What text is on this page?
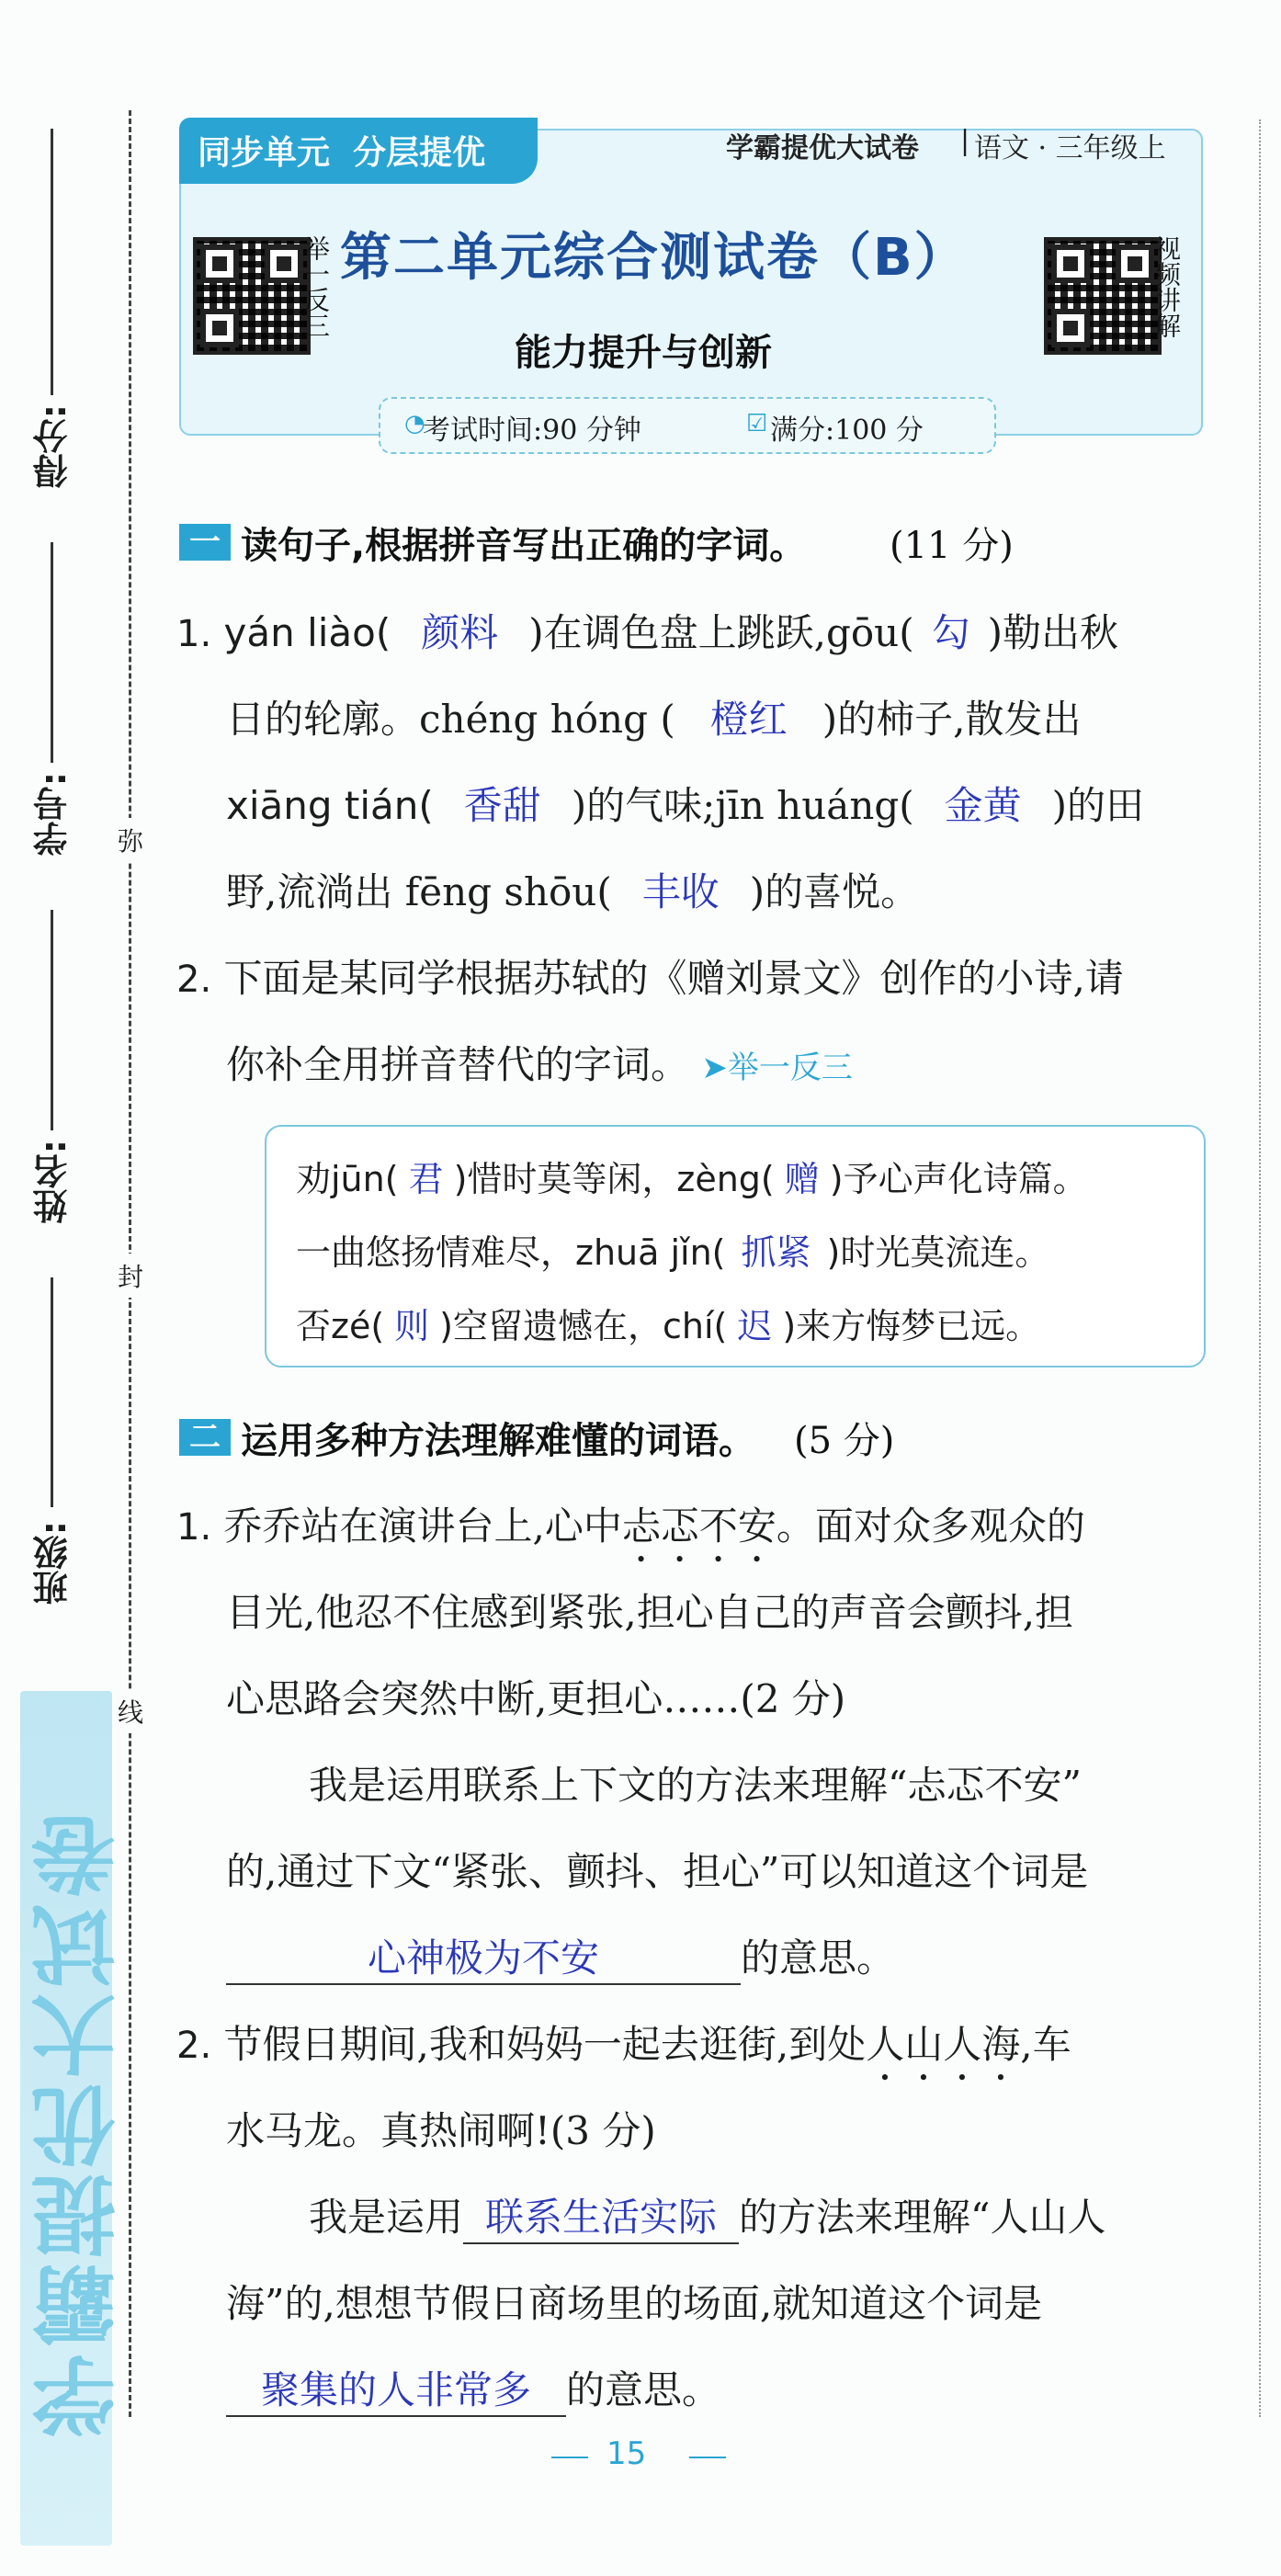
学霸提优大试卷
得分:
学号:
姓名:
班级:
弥
封
线
同步单元  分层提优	学霸提优大试卷 | 语文 · 三年级上
举一反三 第二单元综合测试卷（B）
能力提升与创新
视频讲解
◔
考试时间:90 分钟	☑ 满分:100 分
一 读句子,根据拼音写出正确的字词。 (11 分)
1. yán liào( 颜料 )在调色盘上跳跃,gōu( 勾 )勒出秋
日的轮廓。chéng hóng ( 橙红 )的柿子,散发出
xiāng tián( 香甜 )的气味;jīn huáng( 金黄 )的田
野,流淌出 fēng shōu( 丰收 )的喜悦。
2. 下面是某同学根据苏轼的《赠刘景文》创作的小诗,请
你补全用拼音替代的字词。 ➤举一反三
劝jūn( 君 )惜时莫等闲，zèng( 赠 )予心声化诗篇。
一曲悠扬情难尽，zhuā jǐn( 抓紧 )时光莫流连。
否zé( 则 )空留遗憾在，chí( 迟 )来方悔梦已远。
二 运用多种方法理解难懂的词语。 (5 分)
1. 乔乔站在演讲台上,心中忐忑不安。面对众多观众的
目光,他忍不住感到紧张,担心自己的声音会颤抖,担
心思路会突然中断,更担心……(2 分)
我是运用联系上下文的方法来理解“忐忑不安”
的,通过下文“紧张、颤抖、担心”可以知道这个词是
心神极为不安	的意思。
2. 节假日期间,我和妈妈一起去逛街,到处人山人海,车
水马龙。真热闹啊!(3 分)
我是运用 联系生活实际 的方法来理解“人山人
海”的,想想节假日商场里的场面,就知道这个词是
聚集的人非常多 的意思。
15
